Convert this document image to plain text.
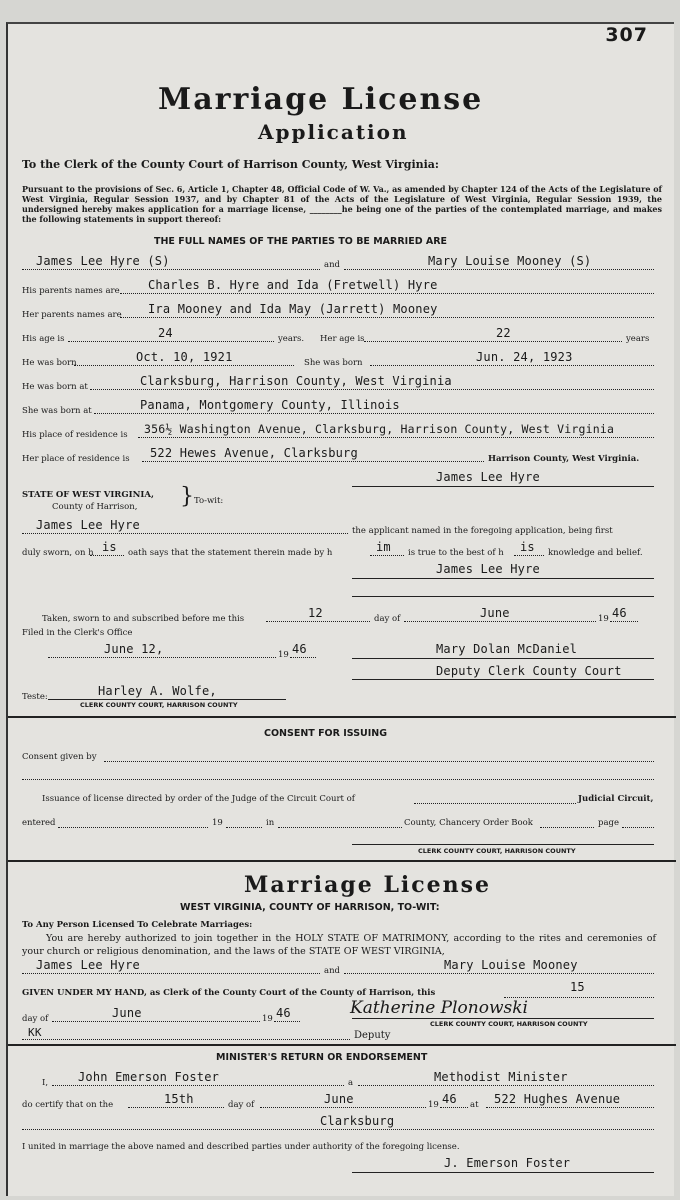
307
Marriage License
Application
To the Clerk of the County Court of Harrison County, West Virginia:
Pursuant to the provisions of Sec. 6, Article 1, Chapter 48, Official Code of W. Va., as amended by Chapter 124 of the Acts of the Legislature of West Virginia, Regular Session 1937, and by Chapter 81 of the Acts of the Legislature of West Virginia, Regular Session 1939, the undersigned hereby makes application for a marriage license, ________he being one of the parties of the contemplated marriage, and makes the following statements in support thereof:
THE FULL NAMES OF THE PARTIES TO BE MARRIED ARE
James Lee Hyre (S)	and	Mary Louise Mooney (S)
His parents names are Charles B. Hyre and Ida (Fretwell) Hyre
Her parents names are Ira Mooney and Ida May (Jarrett) Mooney
His age is	24	years. Her age is	22	years
He was born	Oct. 10, 1921	She was born	Jun. 24, 1923
He was born at	Clarksburg, Harrison County, West Virginia
She was born at	Panama, Montgomery County, Illinois
His place of residence is 356½ Washington Avenue, Clarksburg, Harrison County, West Virginia
Her place of residence is 522 Hewes Avenue, Clarksburg	Harrison County, West Virginia.
James Lee Hyre
STATE OF WEST VIRGINIA,
County of Harrison, } To-wit:
James Lee Hyre	the applicant named in the foregoing application, being first
duly sworn, on h is oath says that the statement therein made by h	im is true to the best of h is knowledge and belief.
James Lee Hyre
Taken, sworn to and subscribed before me this	12	day of	June	19 46
Filed in the Clerk's Office
June 12,	19 46	Mary Dolan McDaniel
Deputy Clerk County Court
Teste:	Harley A. Wolfe,
CLERK COUNTY COURT, HARRISON COUNTY
CONSENT FOR ISSUING
Consent given by
Issuance of license directed by order of the Judge of the Circuit Court of	Judicial Circuit,
entered	19	in	County, Chancery Order Book	page
CLERK COUNTY COURT, HARRISON COUNTY
Marriage License
WEST VIRGINIA, COUNTY OF HARRISON, TO-WIT:
To Any Person Licensed To Celebrate Marriages:
You are hereby authorized to join together in the HOLY STATE OF MATRIMONY, according to the rites and ceremonies of your church or religious denomination, and the laws of the STATE OF WEST VIRGINIA,
James Lee Hyre	and	Mary Louise Mooney
GIVEN UNDER MY HAND, as Clerk of the County Court of the County of Harrison, this	15
day of	June	19 46	Katherine Plonowski
CLERK COUNTY COURT, HARRISON COUNTY
KK	Deputy
MINISTER'S RETURN OR ENDORSEMENT
I, John Emerson Foster	a	Methodist Minister
do certify that on the	15th	day of	June	19 46 at 522 Hughes Avenue
Clarksburg
I united in marriage the above named and described parties under authority of the foregoing license.
J. Emerson Foster
